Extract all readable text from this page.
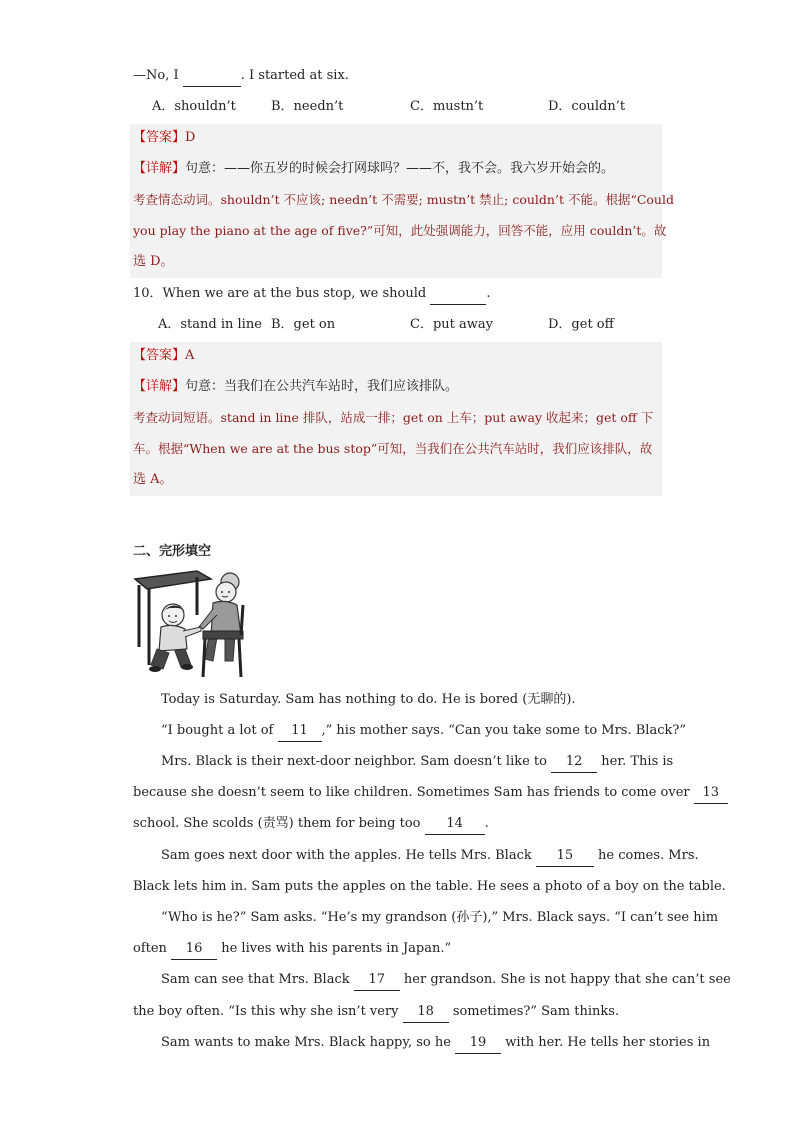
—No, I	. I started at six.
A．shouldn’t	B．needn’t	C．mustn’t	D．couldn’t
【答案】D
【详解】句意：——你五岁的时候会打网球吗？——不，我不会。我六岁开始会的。
考查情态动词。shouldn’t 不应该; needn’t 不需要; mustn’t 禁止; couldn’t 不能。根据“Could
you play the piano at the age of five?”可知，此处强调能力，回答不能，应用 couldn’t。故
选 D。
10．When we are at the bus stop, we should	.
A．stand in line B．get on	C．put away	D．get off
【答案】A
【详解】句意：当我们在公共汽车站时，我们应该排队。
考查动词短语。stand in line 排队，站成一排；get on 上车；put away 收起来；get off 下
车。根据“When we are at the bus stop”可知，当我们在公共汽车站时，我们应该排队，故
选 A。
二、完形填空
Today is Saturday. Sam has nothing to do. He is bored (无聊的).
“I bought a lot of 11 ,” his mother says. “Can you take some to Mrs. Black?”
Mrs. Black is their next-door neighbor. Sam doesn’t like to 12 her. This is
because she doesn’t seem to like children. Sometimes Sam has friends to come over 13
school. She scolds (责骂) them for being too 14 .
Sam goes next door with the apples. He tells Mrs. Black 15 he comes. Mrs.
Black lets him in. Sam puts the apples on the table. He sees a photo of a boy on the table.
“Who is he?” Sam asks. “He’s my grandson (孙子),” Mrs. Black says. “I can’t see him
often 16 he lives with his parents in Japan.”
Sam can see that Mrs. Black 17 her grandson. She is not happy that she can’t see
the boy often. “Is this why she isn’t very 18 sometimes?” Sam thinks.
Sam wants to make Mrs. Black happy, so he 19 with her. He tells her stories in
